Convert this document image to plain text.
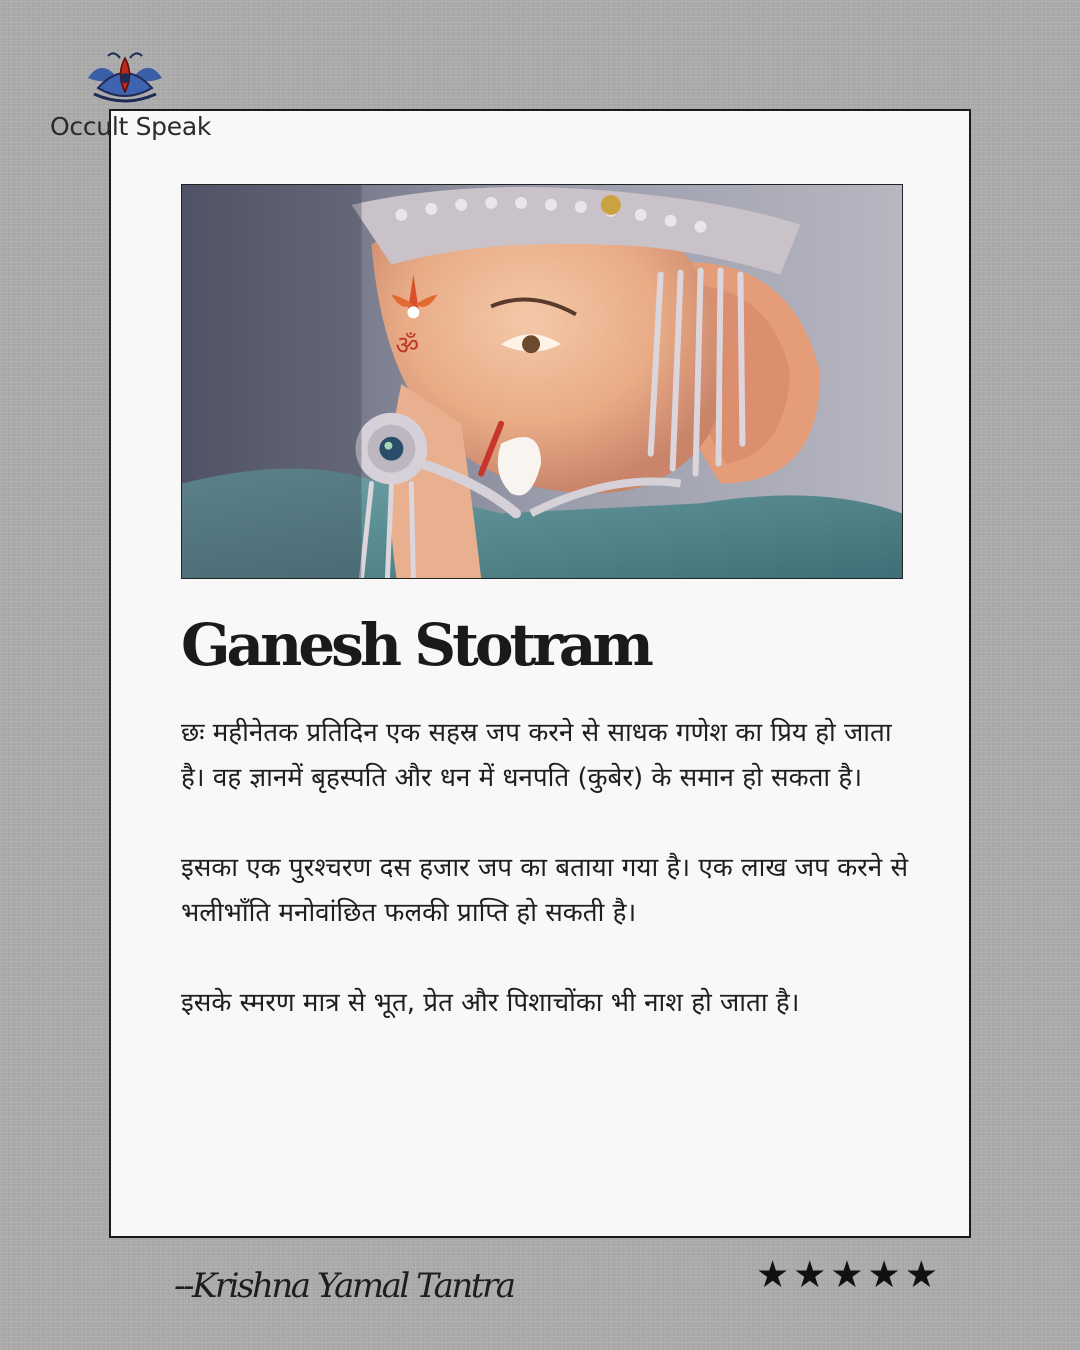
ॐ
Ganesh Stotram

छः महीनेतक प्रतिदिन एक सहस्र जप करने से साधक गणेश का प्रिय हो जाता है। वह ज्ञानमें बृहस्पति और धन में धनपति (कुबेर) के समान हो सकता है।

इसका एक पुरश्चरण दस हजार जप का बताया गया है। एक लाख जप करने से भलीभाँति मनोवांछित फलकी प्राप्ति हो सकती है।

इसके स्मरण मात्र से भूत, प्रेत और पिशाचोंका भी नाश हो जाता है।

Occult Speak
--Krishna Yamal Tantra	★ ★ ★ ★ ★
